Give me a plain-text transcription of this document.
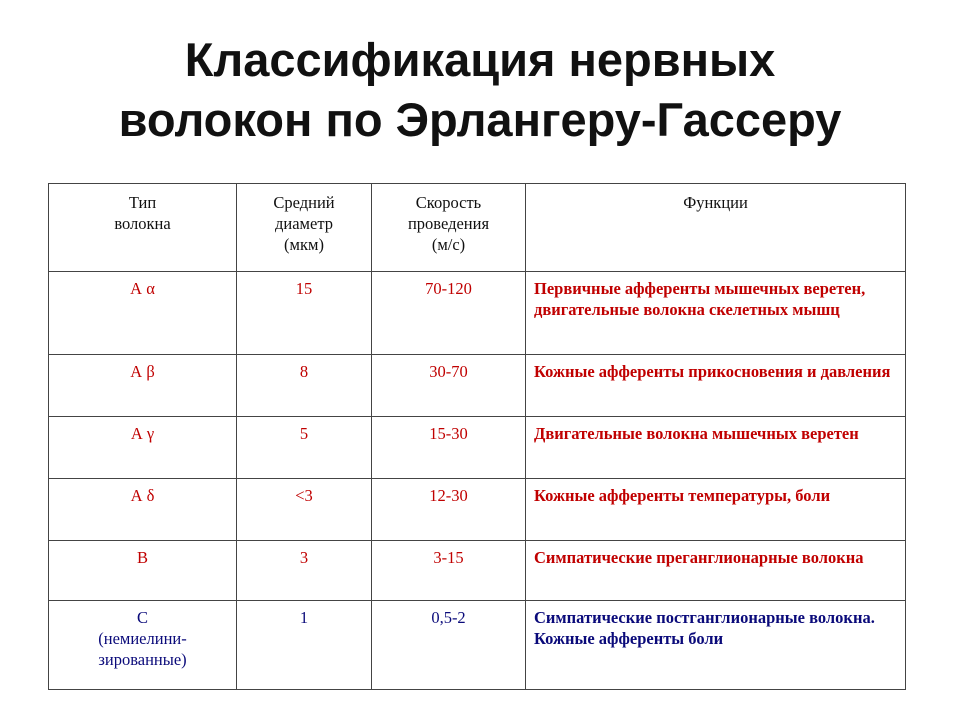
Классификация нервных
волокон по Эрлангеру-Гассеру
Тип
волокна	Средний
диаметр
(мкм)	Скорость
проведения
(м/с)	Функции
А α	15	70-120	Первичные афференты мышечных веретен, двигательные волокна скелетных мышц
А β	8	30-70	Кожные афференты прикосновения и давления
А γ	5	15-30	Двигательные волокна мышечных веретен
А δ	<3	12-30	Кожные афференты температуры, боли
В	3	3-15	Симпатические преганглионарные волокна
С
(немиелини-
зированные)	1	0,5-2	Симпатические постганглионарные волокна. Кожные афференты боли
